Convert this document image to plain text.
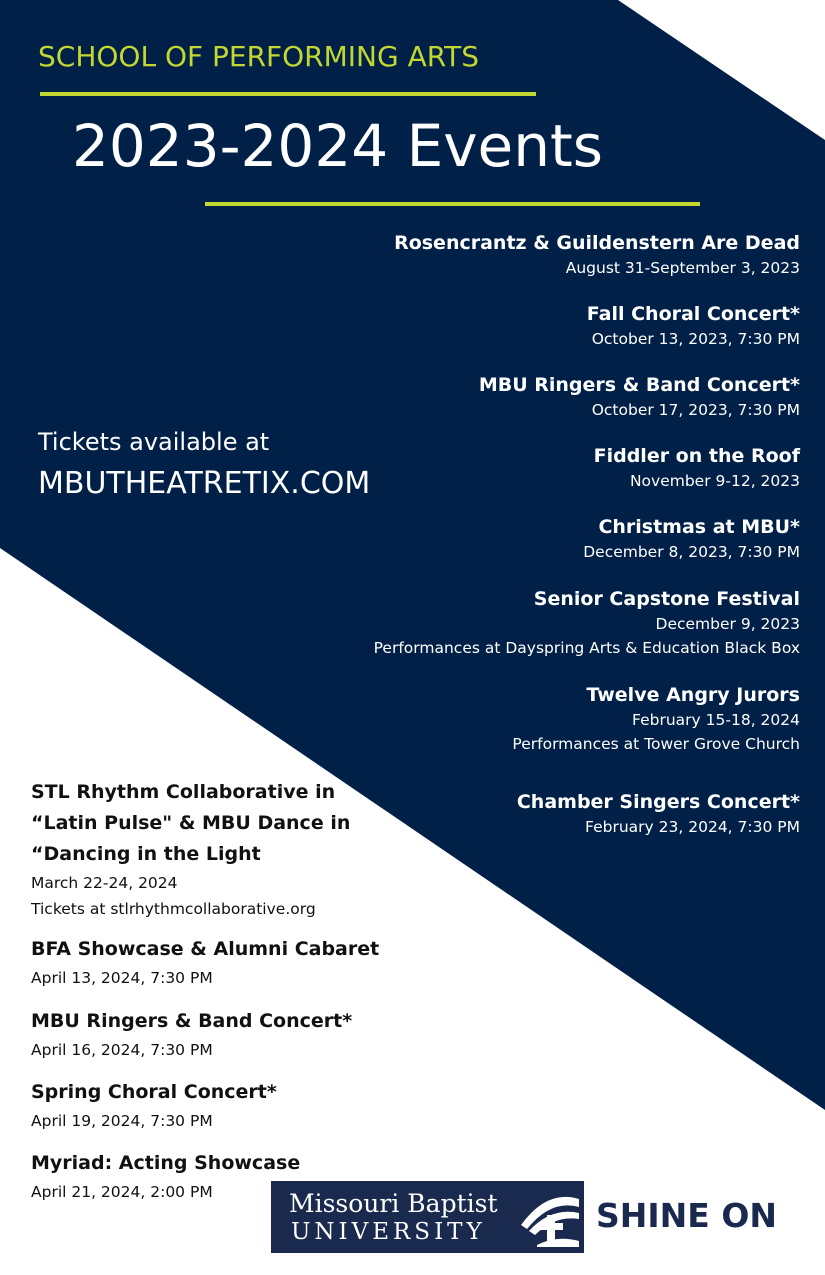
SCHOOL OF PERFORMING ARTS
2023-2024 Events
Tickets available at
MBUTHEATRETIX.COM
Rosencrantz & Guildenstern Are Dead
August 31-September 3, 2023
Fall Choral Concert*
October 13, 2023, 7:30 PM
MBU Ringers & Band Concert*
October 17, 2023, 7:30 PM
Fiddler on the Roof
November 9-12, 2023
Christmas at MBU*
December 8, 2023, 7:30 PM
Senior Capstone Festival
December 9, 2023
Performances at Dayspring Arts & Education Black Box
Twelve Angry Jurors
February 15-18, 2024
Performances at Tower Grove Church
Chamber Singers Concert*
February 23, 2024, 7:30 PM
STL Rhythm Collaborative in
“Latin Pulse" & MBU Dance in
“Dancing in the Light
March 22-24, 2024
Tickets at stlrhythmcollaborative.org
BFA Showcase & Alumni Cabaret
April 13, 2024, 7:30 PM
MBU Ringers & Band Concert*
April 16, 2024, 7:30 PM
Spring Choral Concert*
April 19, 2024, 7:30 PM
Myriad: Acting Showcase
April 21, 2024, 2:00 PM	Missouri Baptist
UNIVERSITY	SHINE ON
